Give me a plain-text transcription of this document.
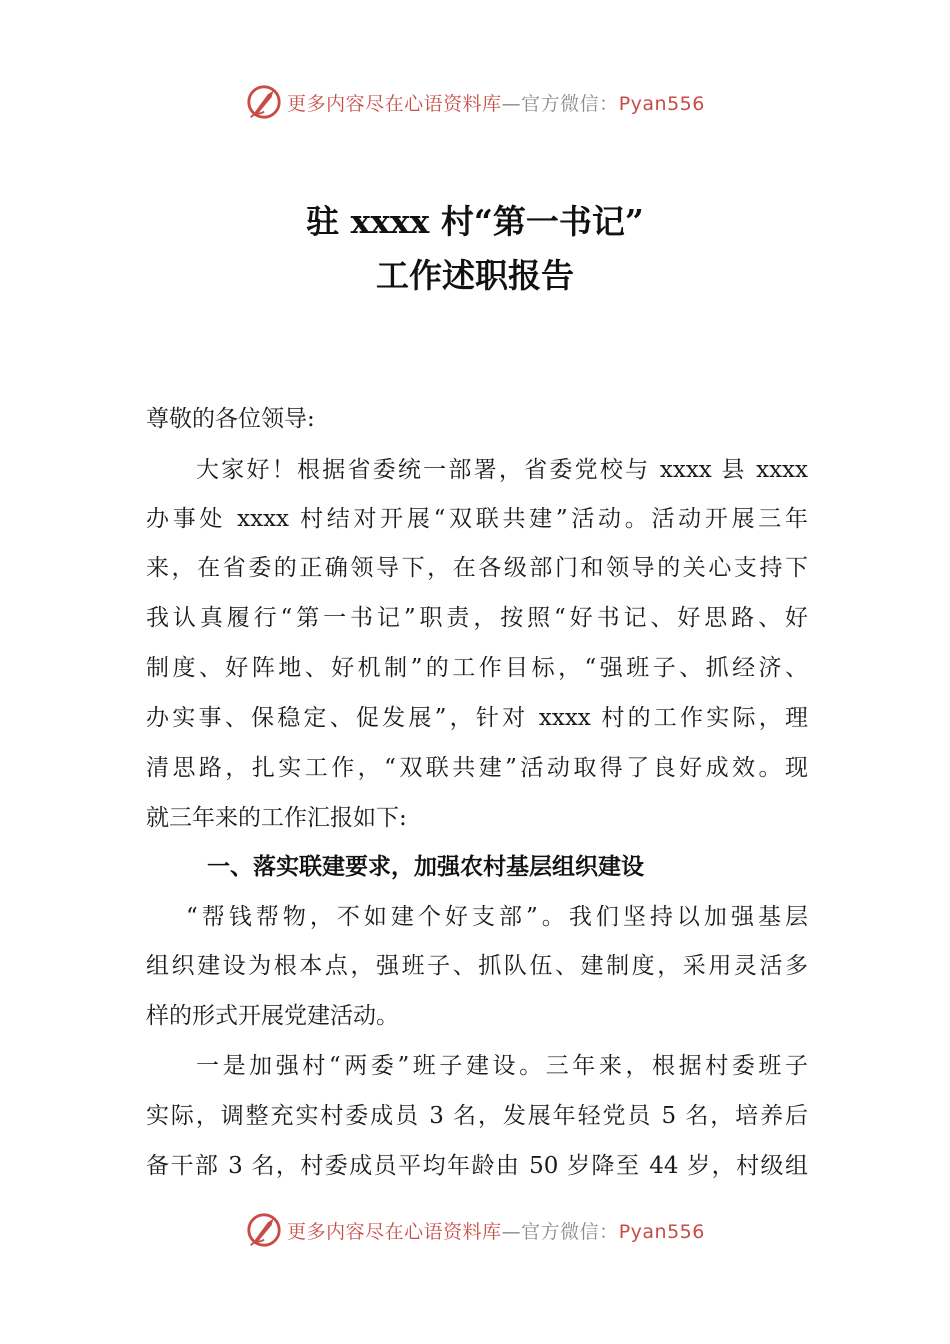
更多内容尽在心语资料库—官方微信：Pyan556
驻 xxxx 村“第一书记”
工作述职报告
尊敬的各位领导:
大家好！根据省委统一部署，省委党校与 xxxx 县 xxxx
办事处 xxxx 村结对开展“双联共建”活动。活动开展三年
来，在省委的正确领导下，在各级部门和领导的关心支持下
我认真履行“第一书记”职责，按照“好书记、好思路、好
制度、好阵地、好机制”的工作目标，“强班子、抓经济、
办实事、保稳定、促发展”，针对 xxxx 村的工作实际，理
清思路，扎实工作，“双联共建”活动取得了良好成效。现
就三年来的工作汇报如下:
一、落实联建要求，加强农村基层组织建设
“帮钱帮物，不如建个好支部”。我们坚持以加强基层
组织建设为根本点，强班子、抓队伍、建制度，采用灵活多
样的形式开展党建活动。
一是加强村“两委”班子建设。三年来，根据村委班子
实际，调整充实村委成员 3 名，发展年轻党员 5 名，培养后
备干部 3 名，村委成员平均年龄由 50 岁降至 44 岁，村级组
更多内容尽在心语资料库—官方微信：Pyan556
